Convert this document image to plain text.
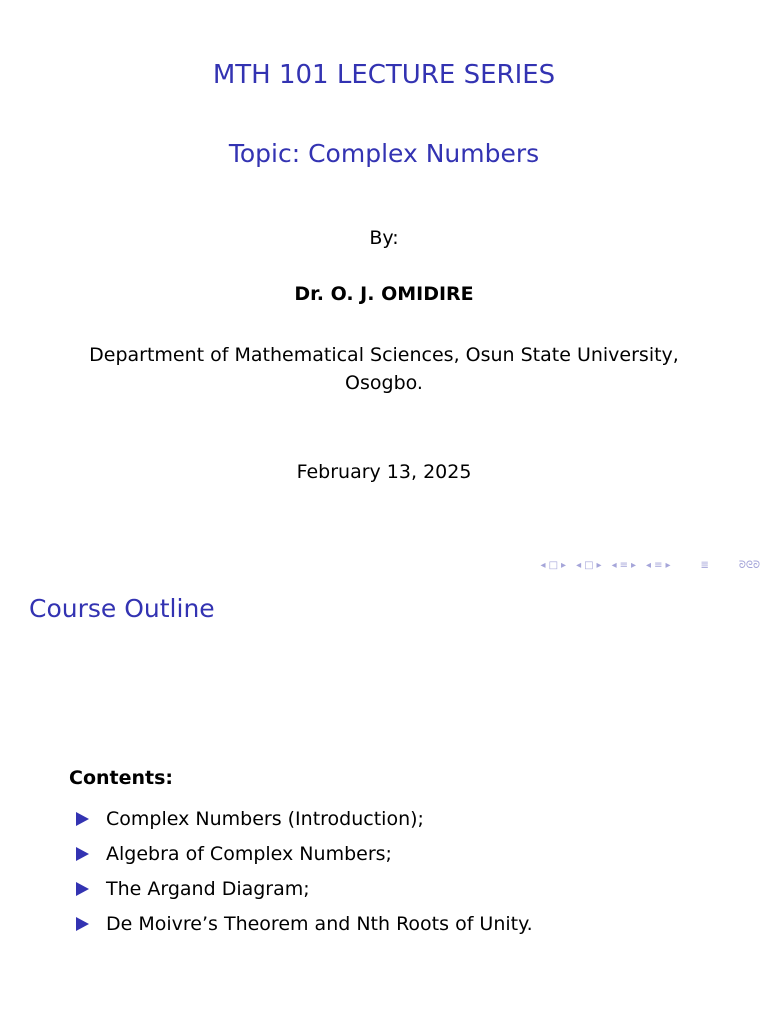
MTH 101 LECTURE SERIES
Topic: Complex Numbers
By:
Dr. O. J. OMIDIRE
Department of Mathematical Sciences, Osun State University,
Osogbo.
February 13, 2025
◂ □ ▸ ◂ □ ▸ ◂ ≡ ▸ ◂ ≡ ▸	≣	ᘐᘓᘐ
Course Outline
Contents:
Complex Numbers (Introduction);
Algebra of Complex Numbers;
The Argand Diagram;
De Moivre’s Theorem and Nth Roots of Unity.
